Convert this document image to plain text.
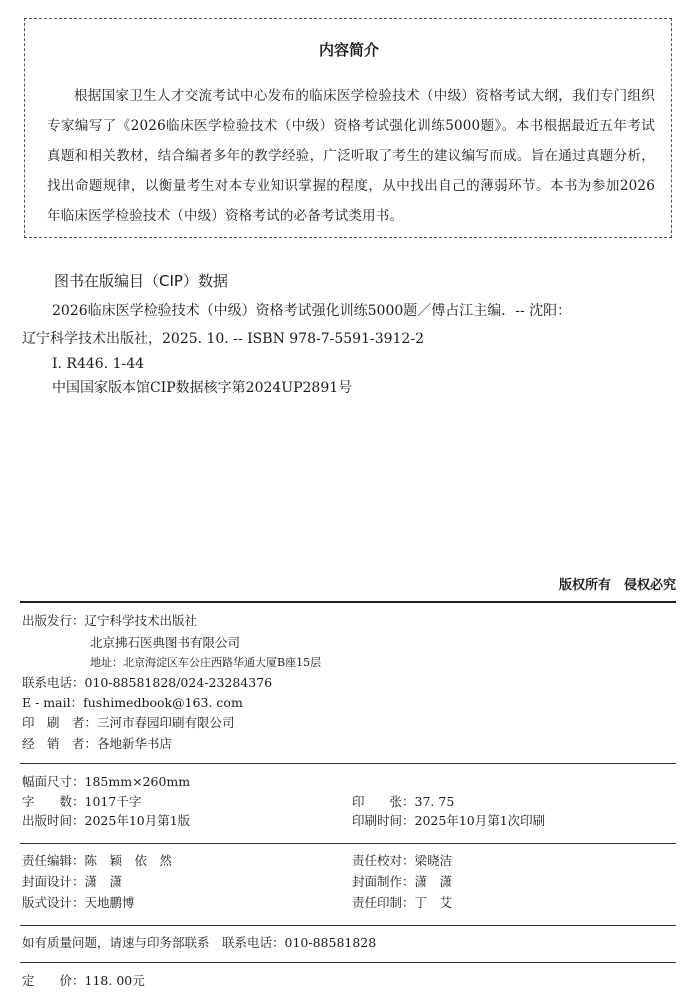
内容简介
根据国家卫生人才交流考试中心发布的临床医学检验技术（中级）资格考试大纲，我们专门组织专家编写了《2026临床医学检验技术（中级）资格考试强化训练5000题》。本书根据最近五年考试真题和相关教材，结合编者多年的教学经验，广泛听取了考生的建议编写而成。旨在通过真题分析，找出命题规律，以衡量考生对本专业知识掌握的程度，从中找出自己的薄弱环节。本书为参加2026年临床医学检验技术（中级）资格考试的必备考试类用书。
图书在版编目（CIP）数据
2026临床医学检验技术（中级）资格考试强化训练5000题／傅占江主编．-- 沈阳：
辽宁科学技术出版社，2025. 10. -- ISBN 978-7-5591-3912-2
Ⅰ. R446. 1-44
中国国家版本馆CIP数据核字第2024UP2891号
版权所有　侵权必究
出版发行：辽宁科学技术出版社
北京拂石医典图书有限公司
地址：北京海淀区车公庄西路华通大厦B座15层
联系电话：010-88581828/024-23284376
E - mail：fushimedbook@163. com
印　刷　者：三河市春园印刷有限公司
经　销　者：各地新华书店
幅面尺寸：185mm×260mm
字　　数：1017千字	印　　张：37. 75
出版时间：2025年10月第1版	印刷时间：2025年10月第1次印刷
责任编辑：陈　颖　依　然	责任校对：梁晓洁
封面设计：潇　潇	封面制作：潇　潇
版式设计：天地鹏博	责任印制：丁　艾
如有质量问题，请速与印务部联系　联系电话：010-88581828
定　　价：118. 00元
